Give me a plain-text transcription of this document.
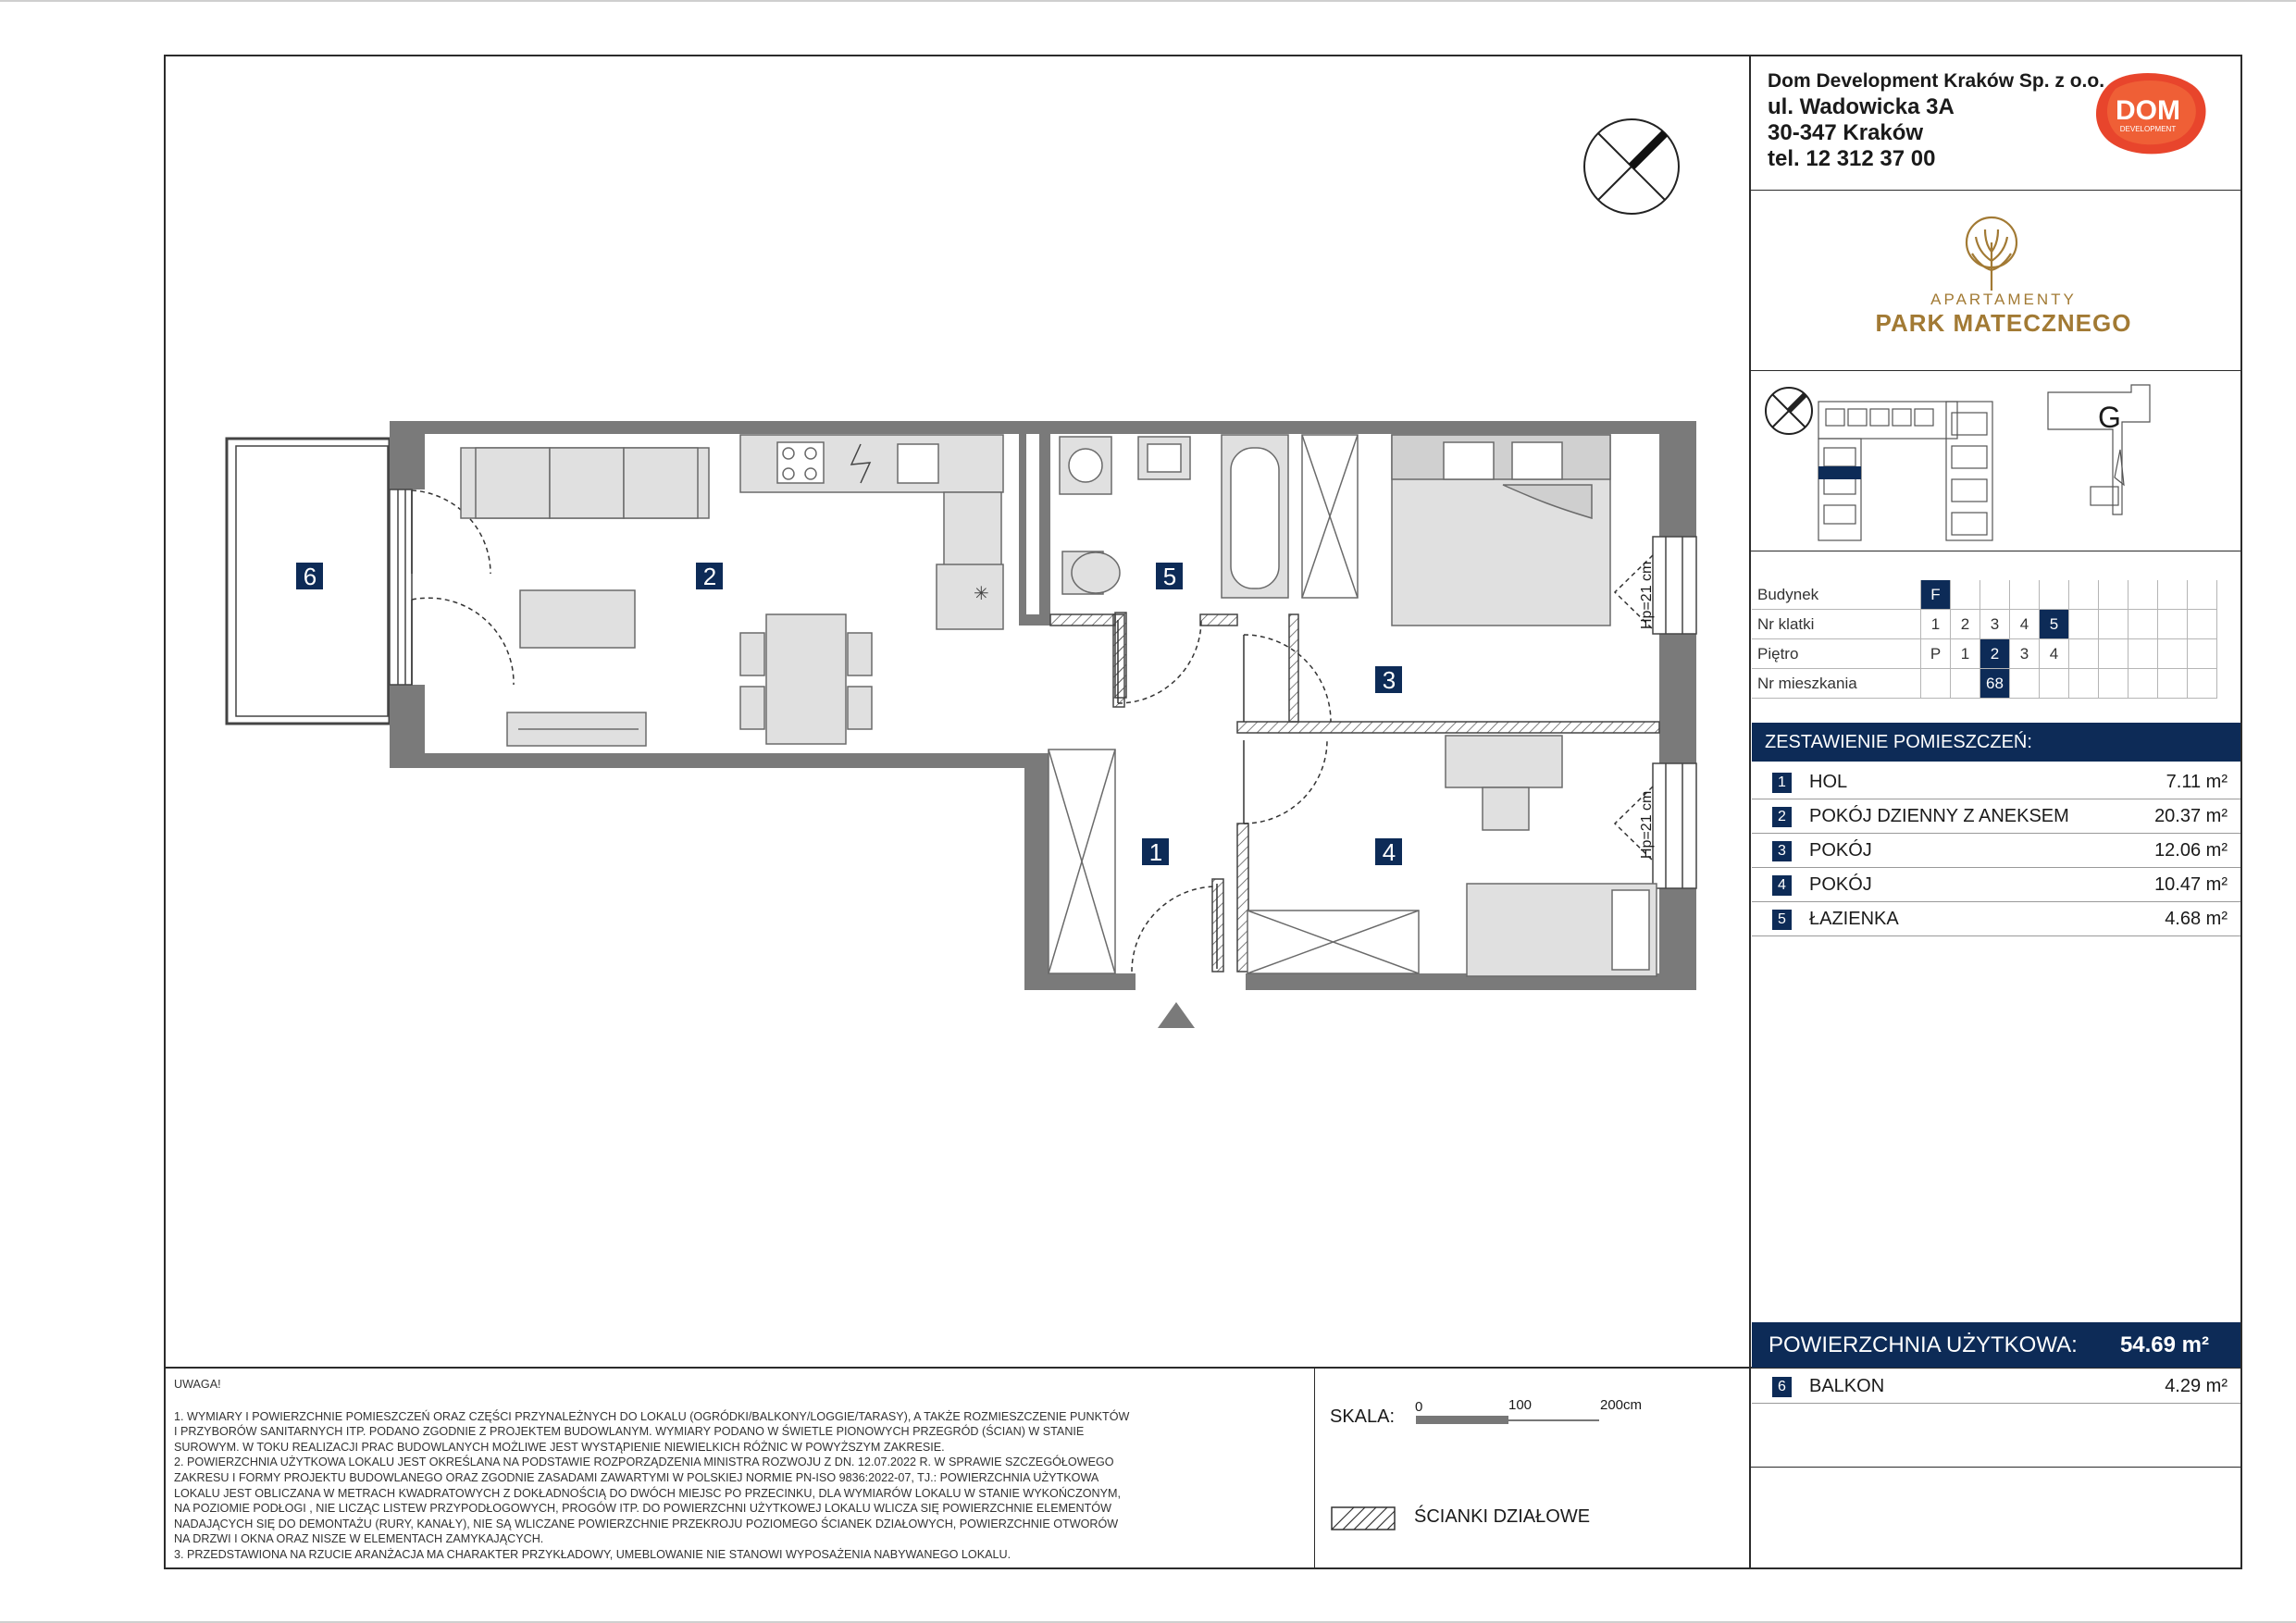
Dom Development Kraków Sp. z o.o.
ul. Wadowicka 3A
30-347 Kraków
tel. 12 312 37 00
DOM
DEVELOPMENT
APARTAMENTY
PARK MATECZNEGO
G
Budynek	F									
Nr klatki	1	2	3	4	5					
Piętro	P	1	2	3	4					
Nr mieszkania			68							
ZESTAWIENIE POMIESZCZEŃ:
1	HOL	7.11 m²
2	POKÓJ DZIENNY Z ANEKSEM	20.37 m²
3	POKÓJ	12.06 m²
4	POKÓJ	10.47 m²
5	ŁAZIENKA	4.68 m²
POWIERZCHNIA UŻYTKOWA: 54.69 m²
6	BALKON	4.29 m²
UWAGA!
1. WYMIARY I POWIERZCHNIE POMIESZCZEŃ ORAZ CZĘŚCI PRZYNALEŻNYCH DO LOKALU (OGRÓDKI/BALKONY/LOGGIE/TARASY), A TAKŻE ROZMIESZCZENIE PUNKTÓW
I PRZYBORÓW SANITARNYCH ITP. PODANO ZGODNIE Z PROJEKTEM BUDOWLANYM. WYMIARY PODANO W ŚWIETLE PIONOWYCH PRZEGRÓD (ŚCIAN) W STANIE
SUROWYM. W TOKU REALIZACJI PRAC BUDOWLANYCH MOŻLIWE JEST WYSTĄPIENIE NIEWIELKICH RÓŻNIC W POWYŻSZYM ZAKRESIE.
2. POWIERZCHNIA UŻYTKOWA LOKALU JEST OKREŚLANA NA PODSTAWIE ROZPORZĄDZENIA MINISTRA ROZWOJU Z DN. 12.07.2022 R. W SPRAWIE SZCZEGÓŁOWEGO
ZAKRESU I FORMY PROJEKTU BUDOWLANEGO ORAZ ZGODNIE ZASADAMI ZAWARTYMI W POLSKIEJ NORMIE PN-ISO 9836:2022-07, TJ.: POWIERZCHNIA UŻYTKOWA
LOKALU JEST OBLICZANA W METRACH KWADRATOWYCH Z DOKŁADNOŚCIĄ DO DWÓCH MIEJSC PO PRZECINKU, DLA WYMIARÓW LOKALU W STANIE WYKOŃCZONYM,
NA POZIOMIE PODŁOGI , NIE LICZĄC LISTEW PRZYPODŁOGOWYCH, PROGÓW ITP. DO POWIERZCHNI UŻYTKOWEJ LOKALU WLICZA SIĘ POWIERZCHNIE ELEMENTÓW
NADAJĄCYCH SIĘ DO DEMONTAŻU (RURY, KANAŁY), NIE SĄ WLICZANE POWIERZCHNIE PRZEKROJU POZIOMEGO ŚCIANEK DZIAŁOWYCH, POWIERZCHNIE OTWORÓW
NA DRZWI I OKNA ORAZ NISZE W ELEMENTACH ZAMYKAJĄCYCH.
3. PRZEDSTAWIONA NA RZUCIE ARANŻACJA MA CHARAKTER PRZYKŁADOWY, UMEBLOWANIE NIE STANOWI WYPOSAŻENIA NABYWANEGO LOKALU.
SKALA: 0	100	200cm
ŚCIANKI DZIAŁOWE
✳
1
2
3
4
5
6	Hp=21 cm
Hp=21 cm
